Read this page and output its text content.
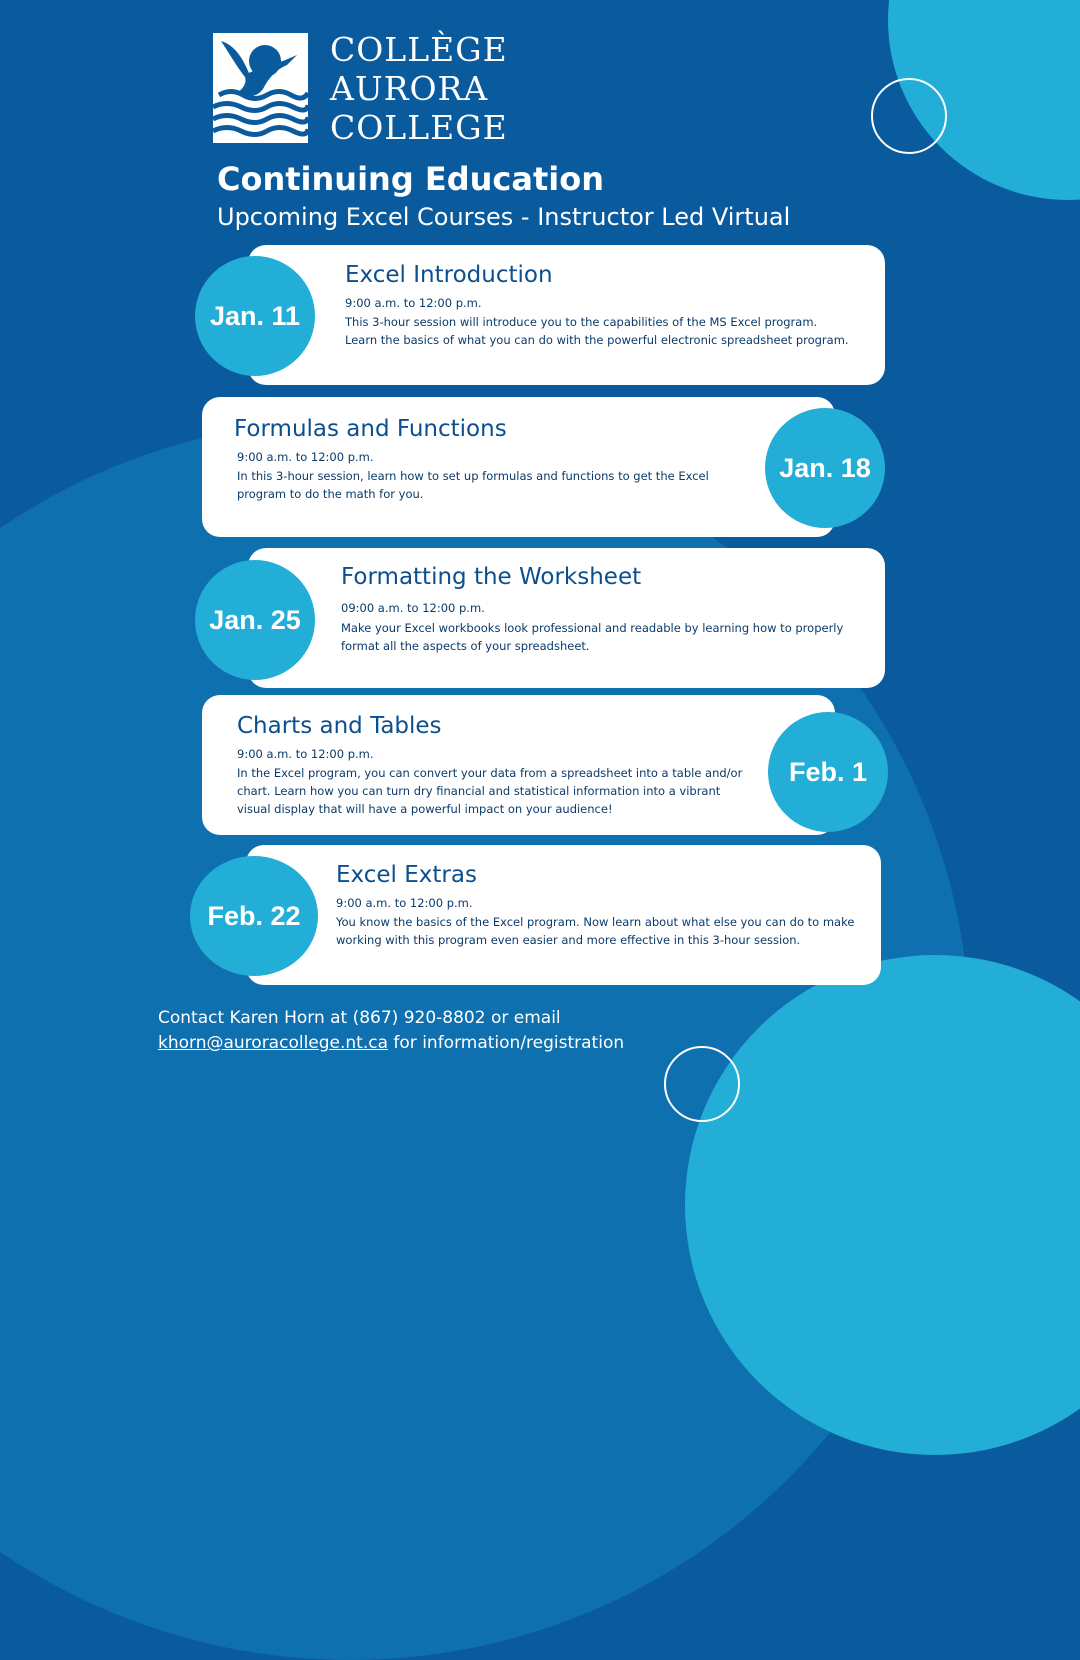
COLLÈGE
AURORA
COLLEGE
Continuing Education
Upcoming Excel Courses - Instructor Led Virtual
Excel Introduction
9:00 a.m. to 12:00 p.m.
This 3-hour session will introduce you to the capabilities of the MS Excel program. Learn the basics of what you can do with the powerful electronic spreadsheet program.
Jan. 11
Formulas and Functions
9:00 a.m. to 12:00 p.m.
In this 3-hour session, learn how to set up formulas and functions to get the Excel program to do the math for you.
Jan. 18
Formatting the Worksheet
09:00 a.m. to 12:00 p.m.
Make your Excel workbooks look professional and readable by learning how to properly format all the aspects of your spreadsheet.
Jan. 25
Charts and Tables
9:00 a.m. to 12:00 p.m.
In the Excel program, you can convert your data from a spreadsheet into a table and/or chart. Learn how you can turn dry financial and statistical information into a vibrant visual display that will have a powerful impact on your audience!
Feb. 1
Excel Extras
9:00 a.m. to 12:00 p.m.
You know the basics of the Excel program. Now learn about what else you can do to make working with this program even easier and more effective in this 3-hour session.
Feb. 22
Contact Karen Horn at (867) 920-8802 or email
khorn@auroracollege.nt.ca for information/registration
